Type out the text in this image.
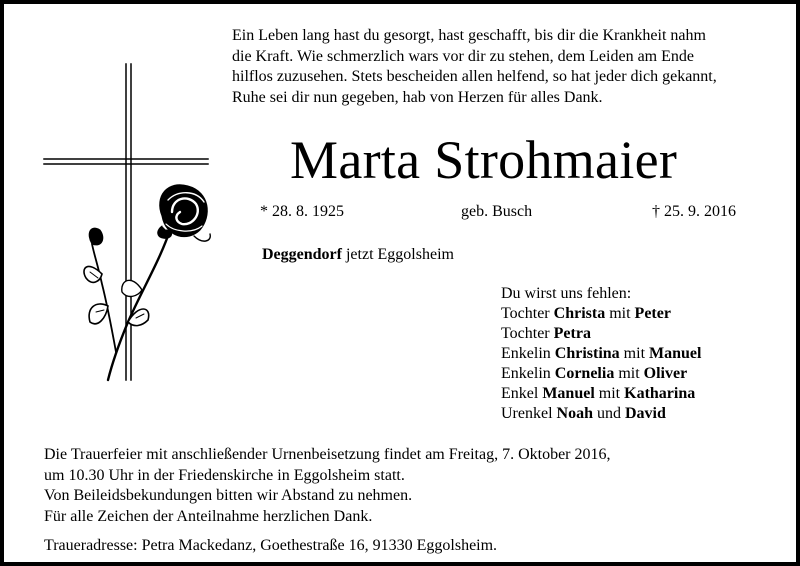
Ein Leben lang hast du gesorgt, hast geschafft, bis dir die Krankheit nahm
die Kraft. Wie schmerzlich wars vor dir zu stehen, dem Leiden am Ende
hilflos zuzusehen. Stets bescheiden allen helfend, so hat jeder dich gekannt,
Ruhe sei dir nun gegeben, hab von Herzen für alles Dank.
Marta Strohmaier
* 28. 8. 1925	geb. Busch	† 25. 9. 2016
Deggendorf jetzt Eggolsheim
Du wirst uns fehlen:
Tochter Christa mit Peter
Tochter Petra
Enkelin Christina mit Manuel
Enkelin Cornelia mit Oliver
Enkel Manuel mit Katharina
Urenkel Noah und David
Die Trauerfeier mit anschließender Urnenbeisetzung findet am Freitag, 7. Oktober 2016,
um 10.30 Uhr in der Friedenskirche in Eggolsheim statt.
Von Beileidsbekundungen bitten wir Abstand zu nehmen.
Für alle Zeichen der Anteilnahme herzlichen Dank.
Traueradresse: Petra Mackedanz, Goethestraße 16, 91330 Eggolsheim.
